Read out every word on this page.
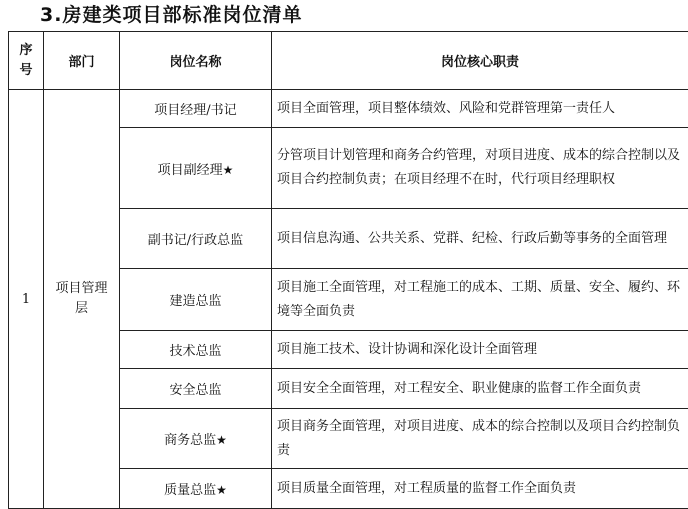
3.房建类项目部标准岗位清单
序号	部门	岗位名称	岗位核心职责
1	项目管理层	项目经理/书记	项目全面管理，项目整体绩效、风险和党群管理第一责任人
		项目副经理★	分管项目计划管理和商务合约管理，对项目进度、成本的综合控制以及项目合约控制负责；在项目经理不在时，代行项目经理职权
		副书记/行政总监	项目信息沟通、公共关系、党群、纪检、行政后勤等事务的全面管理
		建造总监	项目施工全面管理，对工程施工的成本、工期、质量、安全、履约、环境等全面负责
		技术总监	项目施工技术、设计协调和深化设计全面管理
		安全总监	项目安全全面管理，对工程安全、职业健康的监督工作全面负责
		商务总监★	项目商务全面管理，对项目进度、成本的综合控制以及项目合约控制负责
		质量总监★	项目质量全面管理，对工程质量的监督工作全面负责
